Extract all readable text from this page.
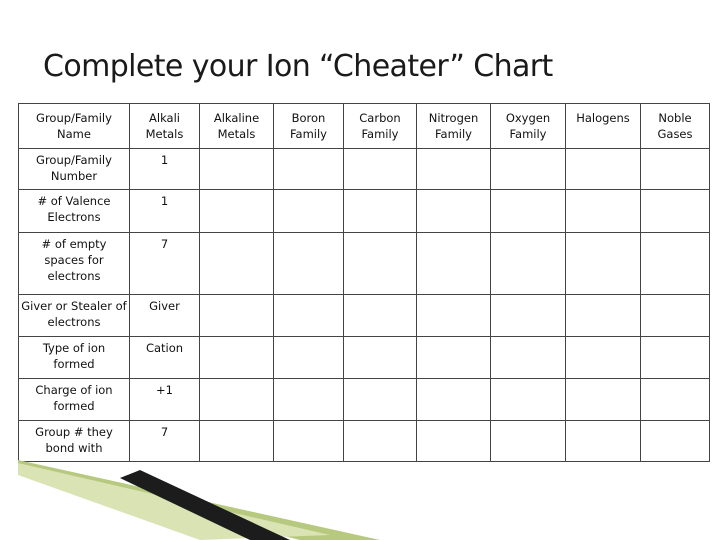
Complete your Ion “Cheater” Chart
Group/Family Name	Alkali Metals	Alkaline Metals	Boron Family	Carbon Family	Nitrogen Family	Oxygen Family	Halogens	Noble Gases
Group/Family Number	1							
# of Valence Electrons	1							
# of empty spaces for electrons	7							
Giver or Stealer of electrons	Giver							
Type of ion formed	Cation							
Charge of ion formed	+1							
Group # they bond with	7							
